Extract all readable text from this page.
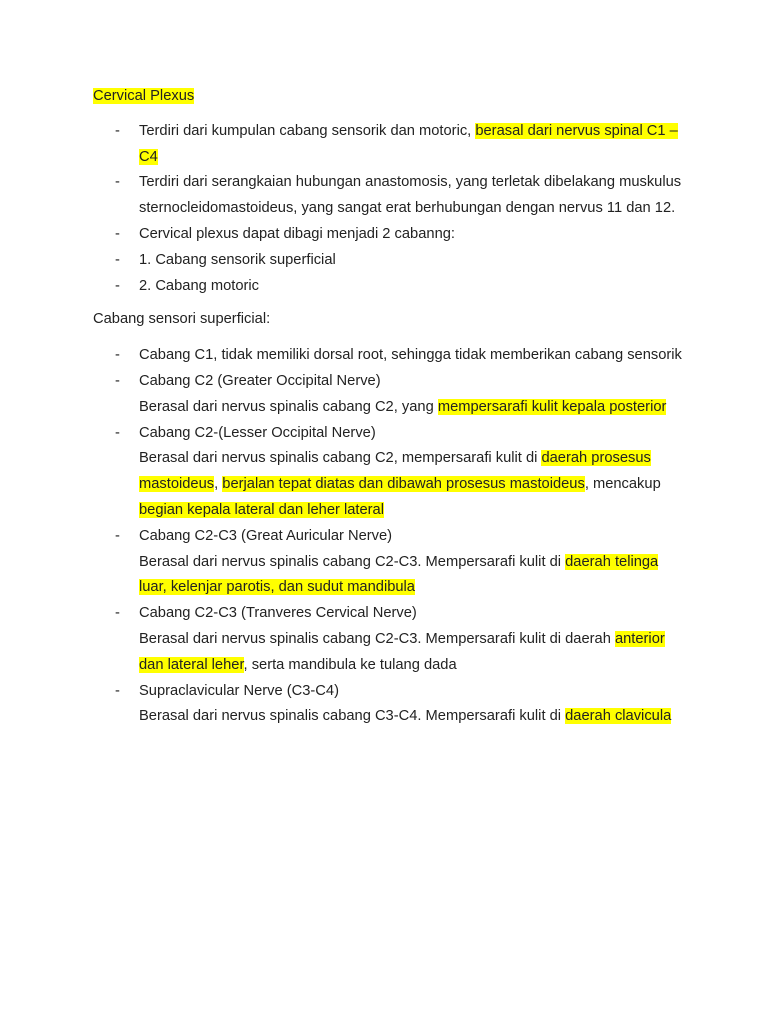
Cervical Plexus
- Terdiri dari kumpulan cabang sensorik dan motoric, berasal dari nervus spinal C1 – C4
- Terdiri dari serangkaian hubungan anastomosis, yang terletak dibelakang muskulus sternocleidomastoideus, yang sangat erat berhubungan dengan nervus 11 dan 12.
- Cervical plexus dapat dibagi menjadi 2 cabanng:
- 1. Cabang sensorik superficial
- 2. Cabang motoric
Cabang sensori superficial:
- Cabang C1, tidak memiliki dorsal root, sehingga tidak memberikan cabang sensorik
- Cabang C2 (Greater Occipital Nerve)
Berasal dari nervus spinalis cabang C2, yang mempersarafi kulit kepala posterior
- Cabang C2-(Lesser Occipital Nerve)
Berasal dari nervus spinalis cabang C2, mempersarafi kulit di daerah prosesus mastoideus, berjalan tepat diatas dan dibawah prosesus mastoideus, mencakup begian kepala lateral dan leher lateral
- Cabang C2-C3 (Great Auricular Nerve)
Berasal dari nervus spinalis cabang C2-C3. Mempersarafi kulit di daerah telinga luar, kelenjar parotis, dan sudut mandibula
- Cabang C2-C3 (Tranveres Cervical Nerve)
Berasal dari nervus spinalis cabang C2-C3. Mempersarafi kulit di daerah anterior dan lateral leher, serta mandibula ke tulang dada
- Supraclavicular Nerve (C3-C4)
Berasal dari nervus spinalis cabang C3-C4. Mempersarafi kulit di daerah clavicula
